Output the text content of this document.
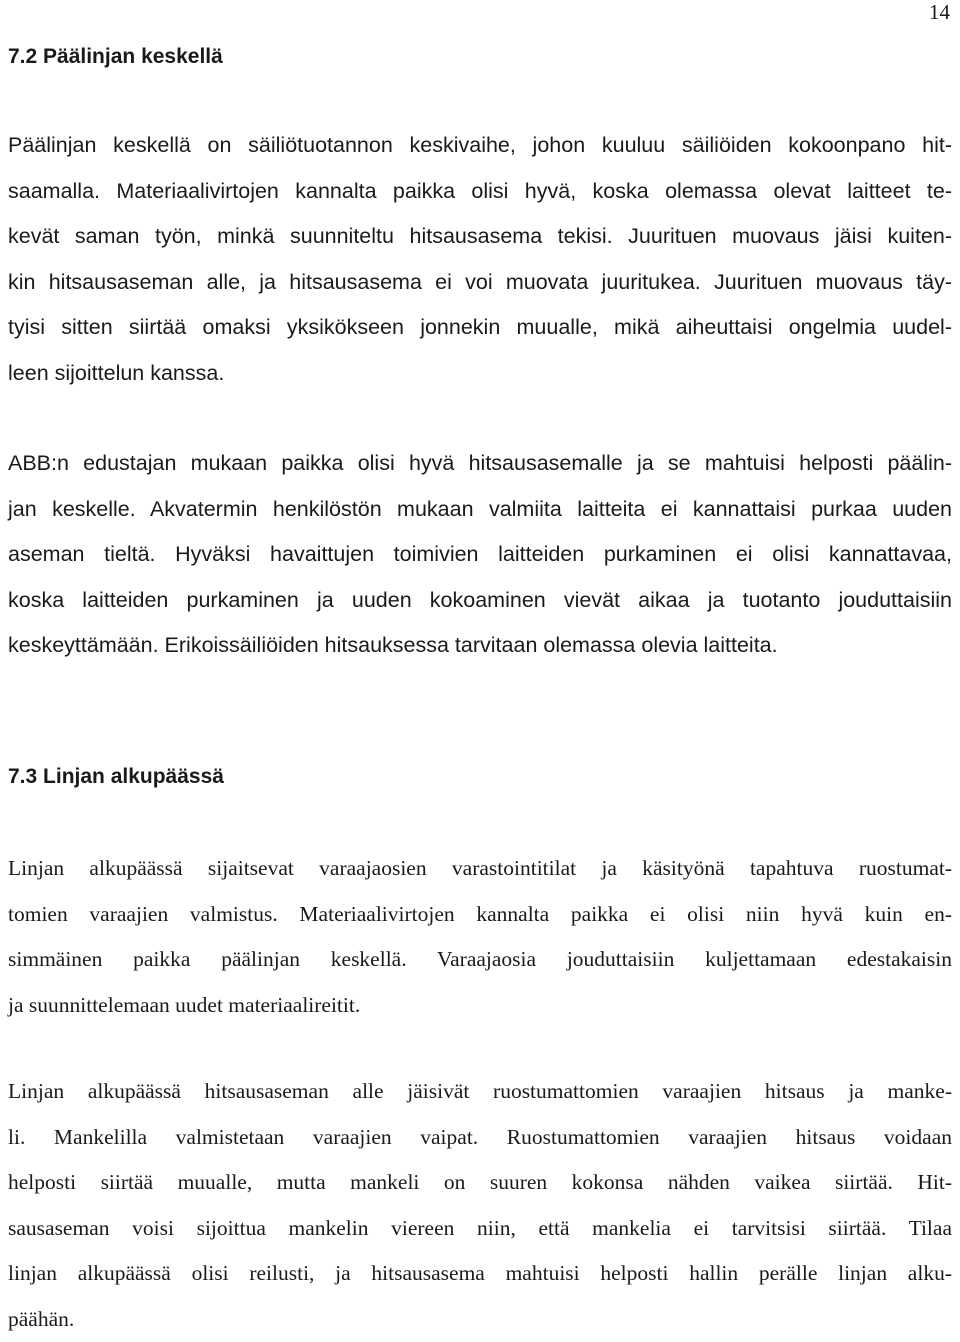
14
7.2 Päälinjan keskellä
Päälinjan keskellä on säiliötuotannon keskivaihe, johon kuuluu säiliöiden kokoonpano hit-
saamalla. Materiaalivirtojen kannalta paikka olisi hyvä, koska olemassa olevat laitteet te-
kevät saman työn, minkä suunniteltu hitsausasema tekisi. Juurituen muovaus jäisi kuiten-
kin hitsausaseman alle, ja hitsausasema ei voi muovata juuritukea. Juurituen muovaus täy-
tyisi sitten siirtää omaksi yksikökseen jonnekin muualle, mikä aiheuttaisi ongelmia uudel-
leen sijoittelun kanssa.
ABB:n edustajan mukaan paikka olisi hyvä hitsausasemalle ja se mahtuisi helposti päälin-
jan keskelle. Akvatermin henkilöstön mukaan valmiita laitteita ei kannattaisi purkaa uuden
aseman tieltä. Hyväksi havaittujen toimivien laitteiden purkaminen ei olisi kannattavaa,
koska laitteiden purkaminen ja uuden kokoaminen vievät aikaa ja tuotanto jouduttaisiin
keskeyttämään. Erikoissäiliöiden hitsauksessa tarvitaan olemassa olevia laitteita.
7.3 Linjan alkupäässä
Linjan alkupäässä sijaitsevat varaajaosien varastointitilat ja käsityönä tapahtuva ruostumat-
tomien varaajien valmistus. Materiaalivirtojen kannalta paikka ei olisi niin hyvä kuin en-
simmäinen paikka päälinjan keskellä. Varaajaosia jouduttaisiin kuljettamaan edestakaisin
ja suunnittelemaan uudet materiaalireitit.
Linjan alkupäässä hitsausaseman alle jäisivät ruostumattomien varaajien hitsaus ja manke-
li. Mankelilla valmistetaan varaajien vaipat. Ruostumattomien varaajien hitsaus voidaan
helposti siirtää muualle, mutta mankeli on suuren kokonsa nähden vaikea siirtää. Hit-
sausaseman voisi sijoittua mankelin viereen niin, että mankelia ei tarvitsisi siirtää. Tilaa
linjan alkupäässä olisi reilusti, ja hitsausasema mahtuisi helposti hallin perälle linjan alku-
päähän.
